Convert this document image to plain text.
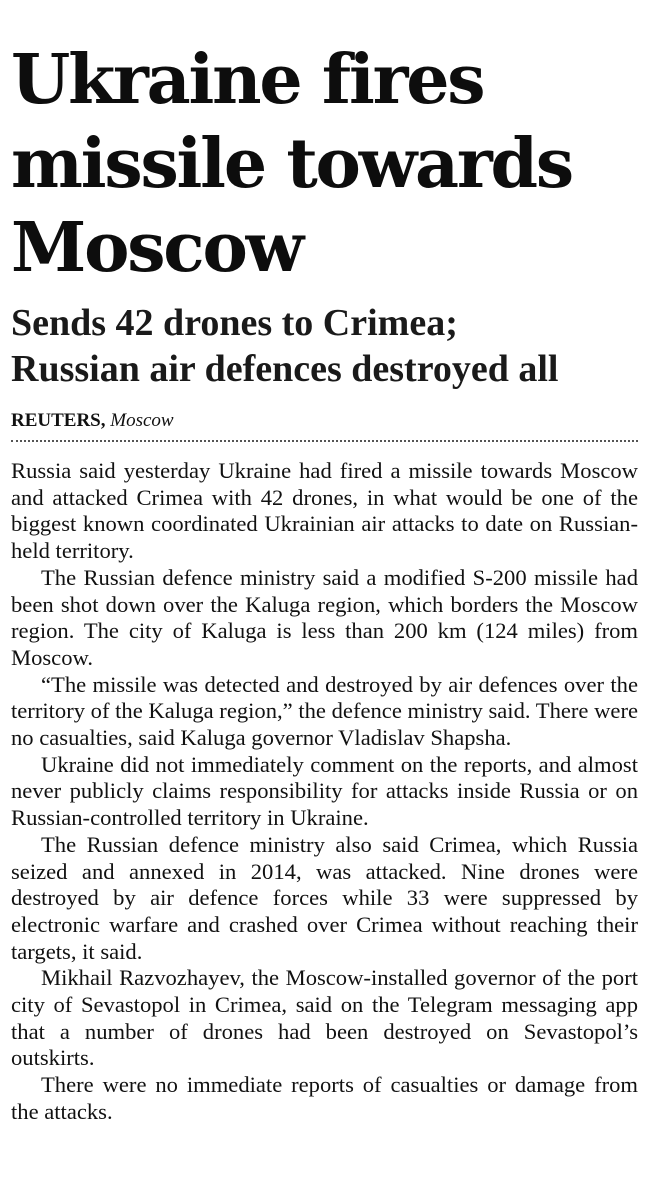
Ukraine fires
missile towards
Moscow
Sends 42 drones to Crimea;
Russian air defences destroyed all
REUTERS, Moscow

Russia said yesterday Ukraine had fired a missile towards Moscow and attacked Crimea with 42 drones, in what would be one of the biggest known coordinated Ukrainian air attacks to date on Russian-held territory.

The Russian defence ministry said a modified S-200 missile had been shot down over the Kaluga region, which borders the Moscow region. The city of Kaluga is less than 200 km (124 miles) from Moscow.

“The missile was detected and destroyed by air defences over the territory of the Kaluga region,” the defence ministry said. There were no casualties, said Kaluga governor Vladislav Shapsha.

Ukraine did not immediately comment on the reports, and almost never publicly claims responsibility for attacks inside Russia or on Russian-controlled territory in Ukraine.

The Russian defence ministry also said Crimea, which Russia seized and annexed in 2014, was attacked. Nine drones were destroyed by air defence forces while 33 were suppressed by electronic warfare and crashed over Crimea without reaching their targets, it said.

Mikhail Razvozhayev, the Moscow-installed governor of the port city of Sevastopol in Crimea, said on the Telegram messaging app that a number of drones had been destroyed on Sevastopol’s outskirts.

There were no immediate reports of casualties or damage from the attacks.
